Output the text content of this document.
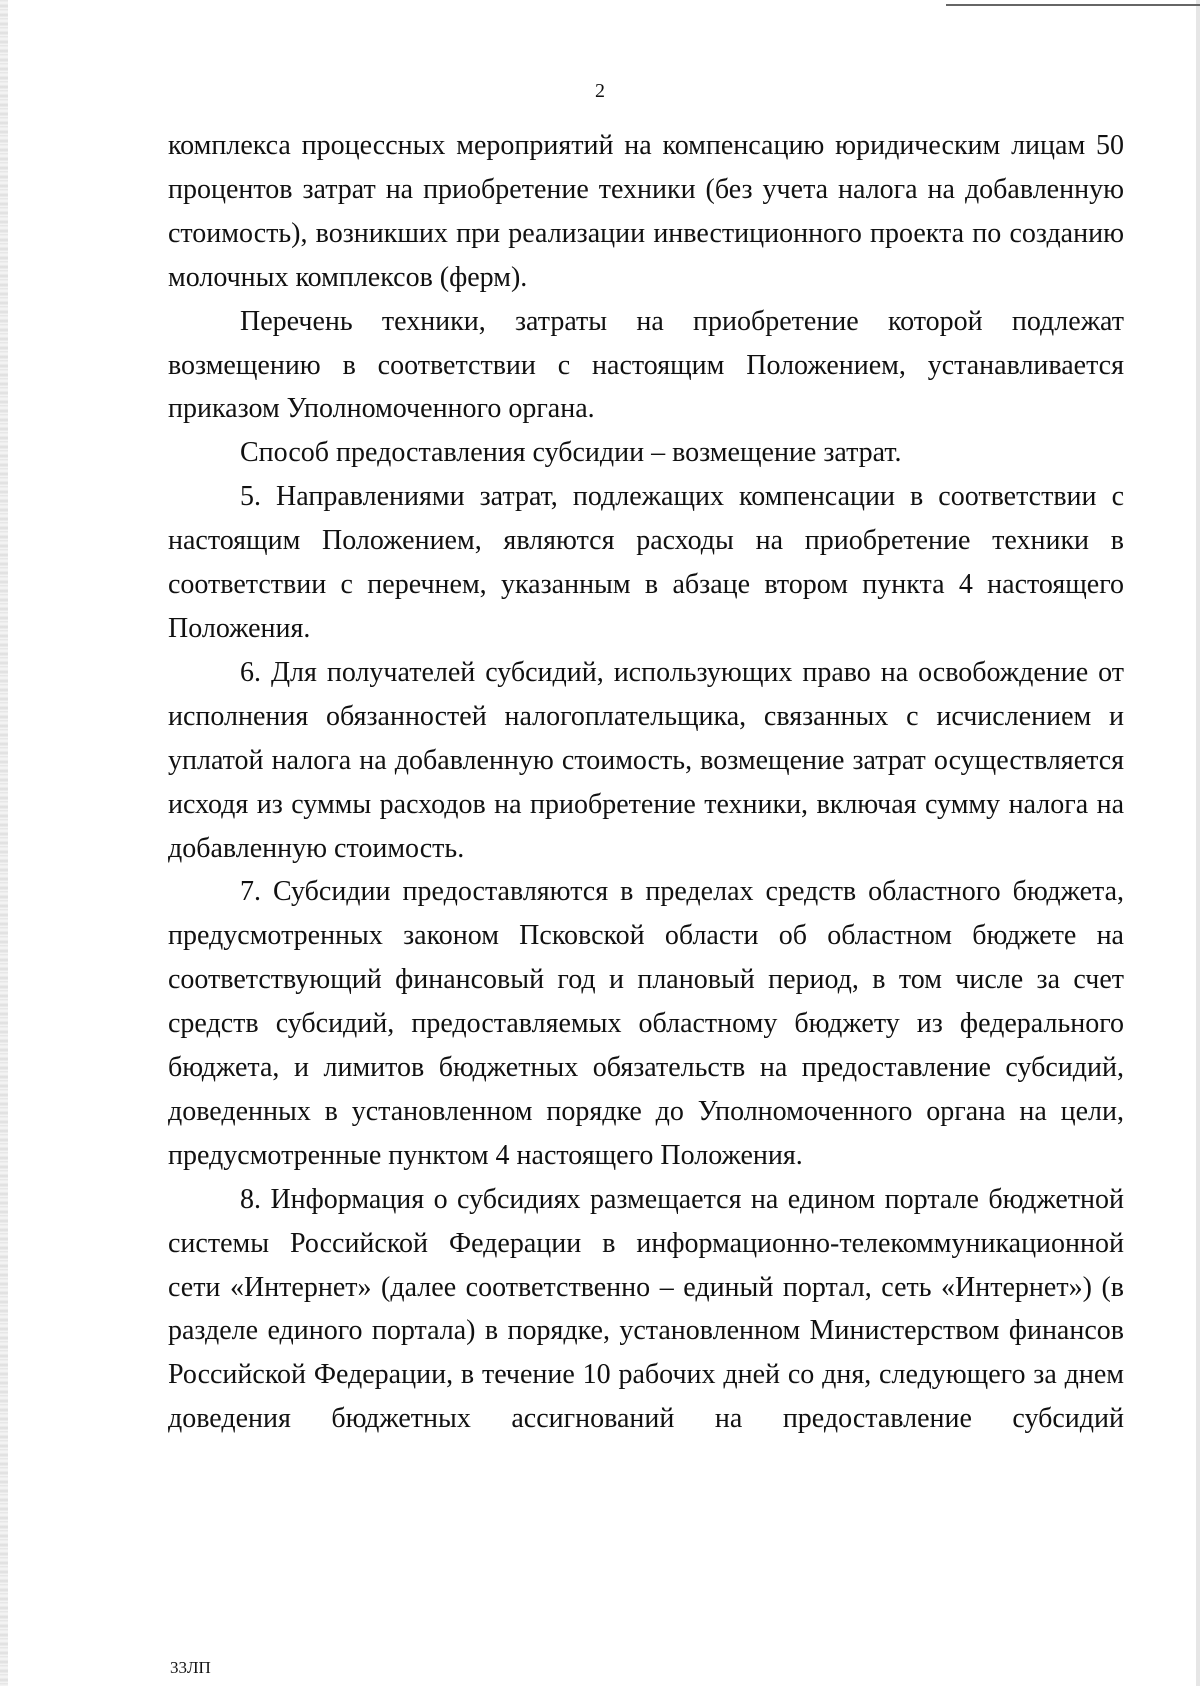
2

комплекса процессных мероприятий на компенсацию юридическим лицам 50 процентов затрат на приобретение техники (без учета налога на добавленную стоимость), возникших при реализации инвестиционного проекта по созданию молочных комплексов (ферм).

Перечень техники, затраты на приобретение которой подлежат возмещению в соответствии с настоящим Положением, устанавливается приказом Уполномоченного органа.

Способ предоставления субсидии – возмещение затрат.

5. Направлениями затрат, подлежащих компенсации в соответствии с настоящим Положением, являются расходы на приобретение техники в соответствии с перечнем, указанным в абзаце втором пункта 4 настоящего Положения.

6. Для получателей субсидий, использующих право на освобождение от исполнения обязанностей налогоплательщика, связанных с исчислением и уплатой налога на добавленную стоимость, возмещение затрат осуществляется исходя из суммы расходов на приобретение техники, включая сумму налога на добавленную стоимость.

7. Субсидии предоставляются в пределах средств областного бюджета, предусмотренных законом Псковской области об областном бюджете на соответствующий финансовый год и плановый период, в том числе за счет средств субсидий, предоставляемых областному бюджету из федерального бюджета, и лимитов бюджетных обязательств на предоставление субсидий, доведенных в установленном порядке до Уполномоченного органа на цели, предусмотренные пунктом 4 настоящего Положения.

8. Информация о субсидиях размещается на едином портале бюджетной системы Российской Федерации в информационно-телекоммуникационной сети «Интернет» (далее соответственно – единый портал, сеть «Интернет») (в разделе единого портала) в порядке, установленном Министерством финансов Российской Федерации, в течение 10 рабочих дней со дня, следующего за днем доведения бюджетных ассигнований на предоставление субсидий

33ЛП
